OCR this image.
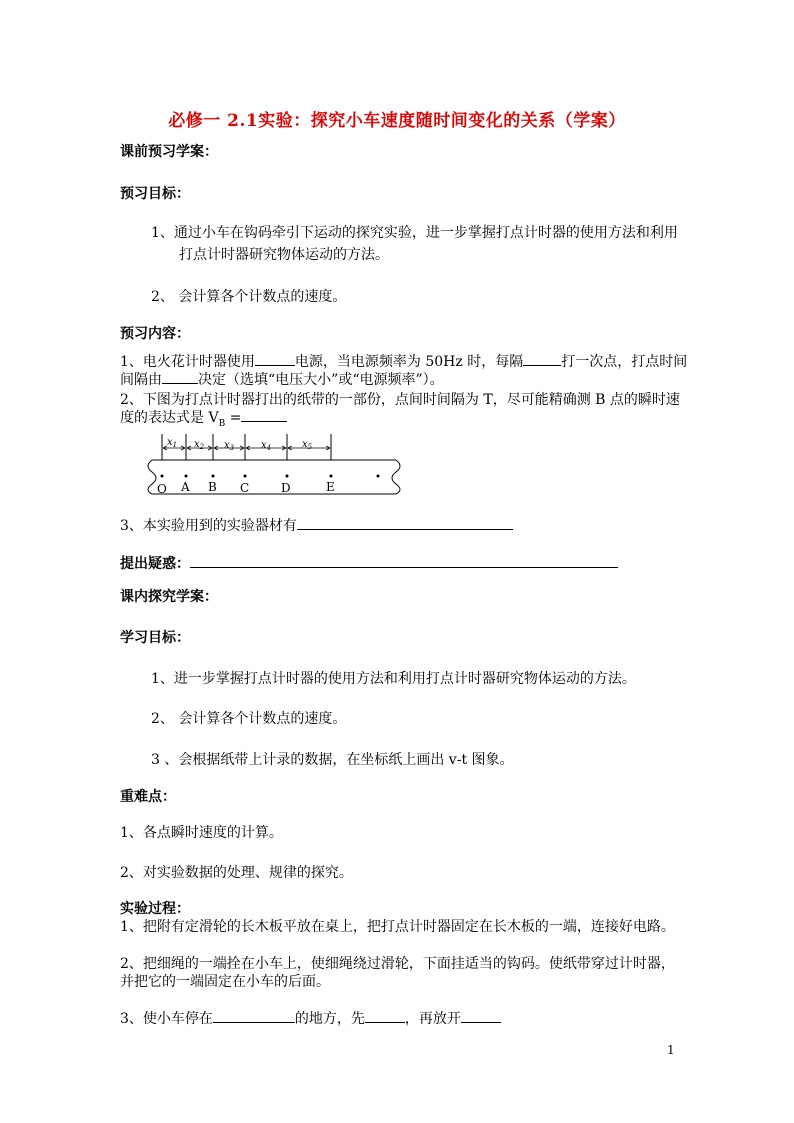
必修一 2.1实验：探究小车速度随时间变化的关系（学案）
课前预习学案：
预习目标：
1、通过小车在钩码牵引下运动的探究实验，进一步掌握打点计时器的使用方法和利用
打点计时器研究物体运动的方法。
2、 会计算各个计数点的速度。
预习内容：
1、电火花计时器使用	电源，当电源频率为 50Hz 时，每隔	打一次点，打点时间
间隔由	决定（选填“电压大小”或“电源频率”）。
2、下图为打点计时器打出的纸带的一部份，点间时间隔为 T，尽可能精确测 B 点的瞬时速
度的表达式是 $V_B$ =
$x_1$ $x_2$ $x_3$	$x_4$	$x_5$
O A B C	D	E
3、本实验用到的实验器材有
提出疑惑：
课内探究学案：
学习目标：
1、进一步掌握打点计时器的使用方法和利用打点计时器研究物体运动的方法。
2、 会计算各个计数点的速度。
3 、会根据纸带上计录的数据，在坐标纸上画出 v-t 图象。
重难点：
1、各点瞬时速度的计算。
2、对实验数据的处理、规律的探究。
实验过程：
1、把附有定滑轮的长木板平放在桌上，把打点计时器固定在长木板的一端，连接好电路。
2、把细绳的一端拴在小车上，使细绳绕过滑轮，下面挂适当的钩码。使纸带穿过计时器，
并把它的一端固定在小车的后面。
3、使小车停在	的地方，先	，再放开
1
